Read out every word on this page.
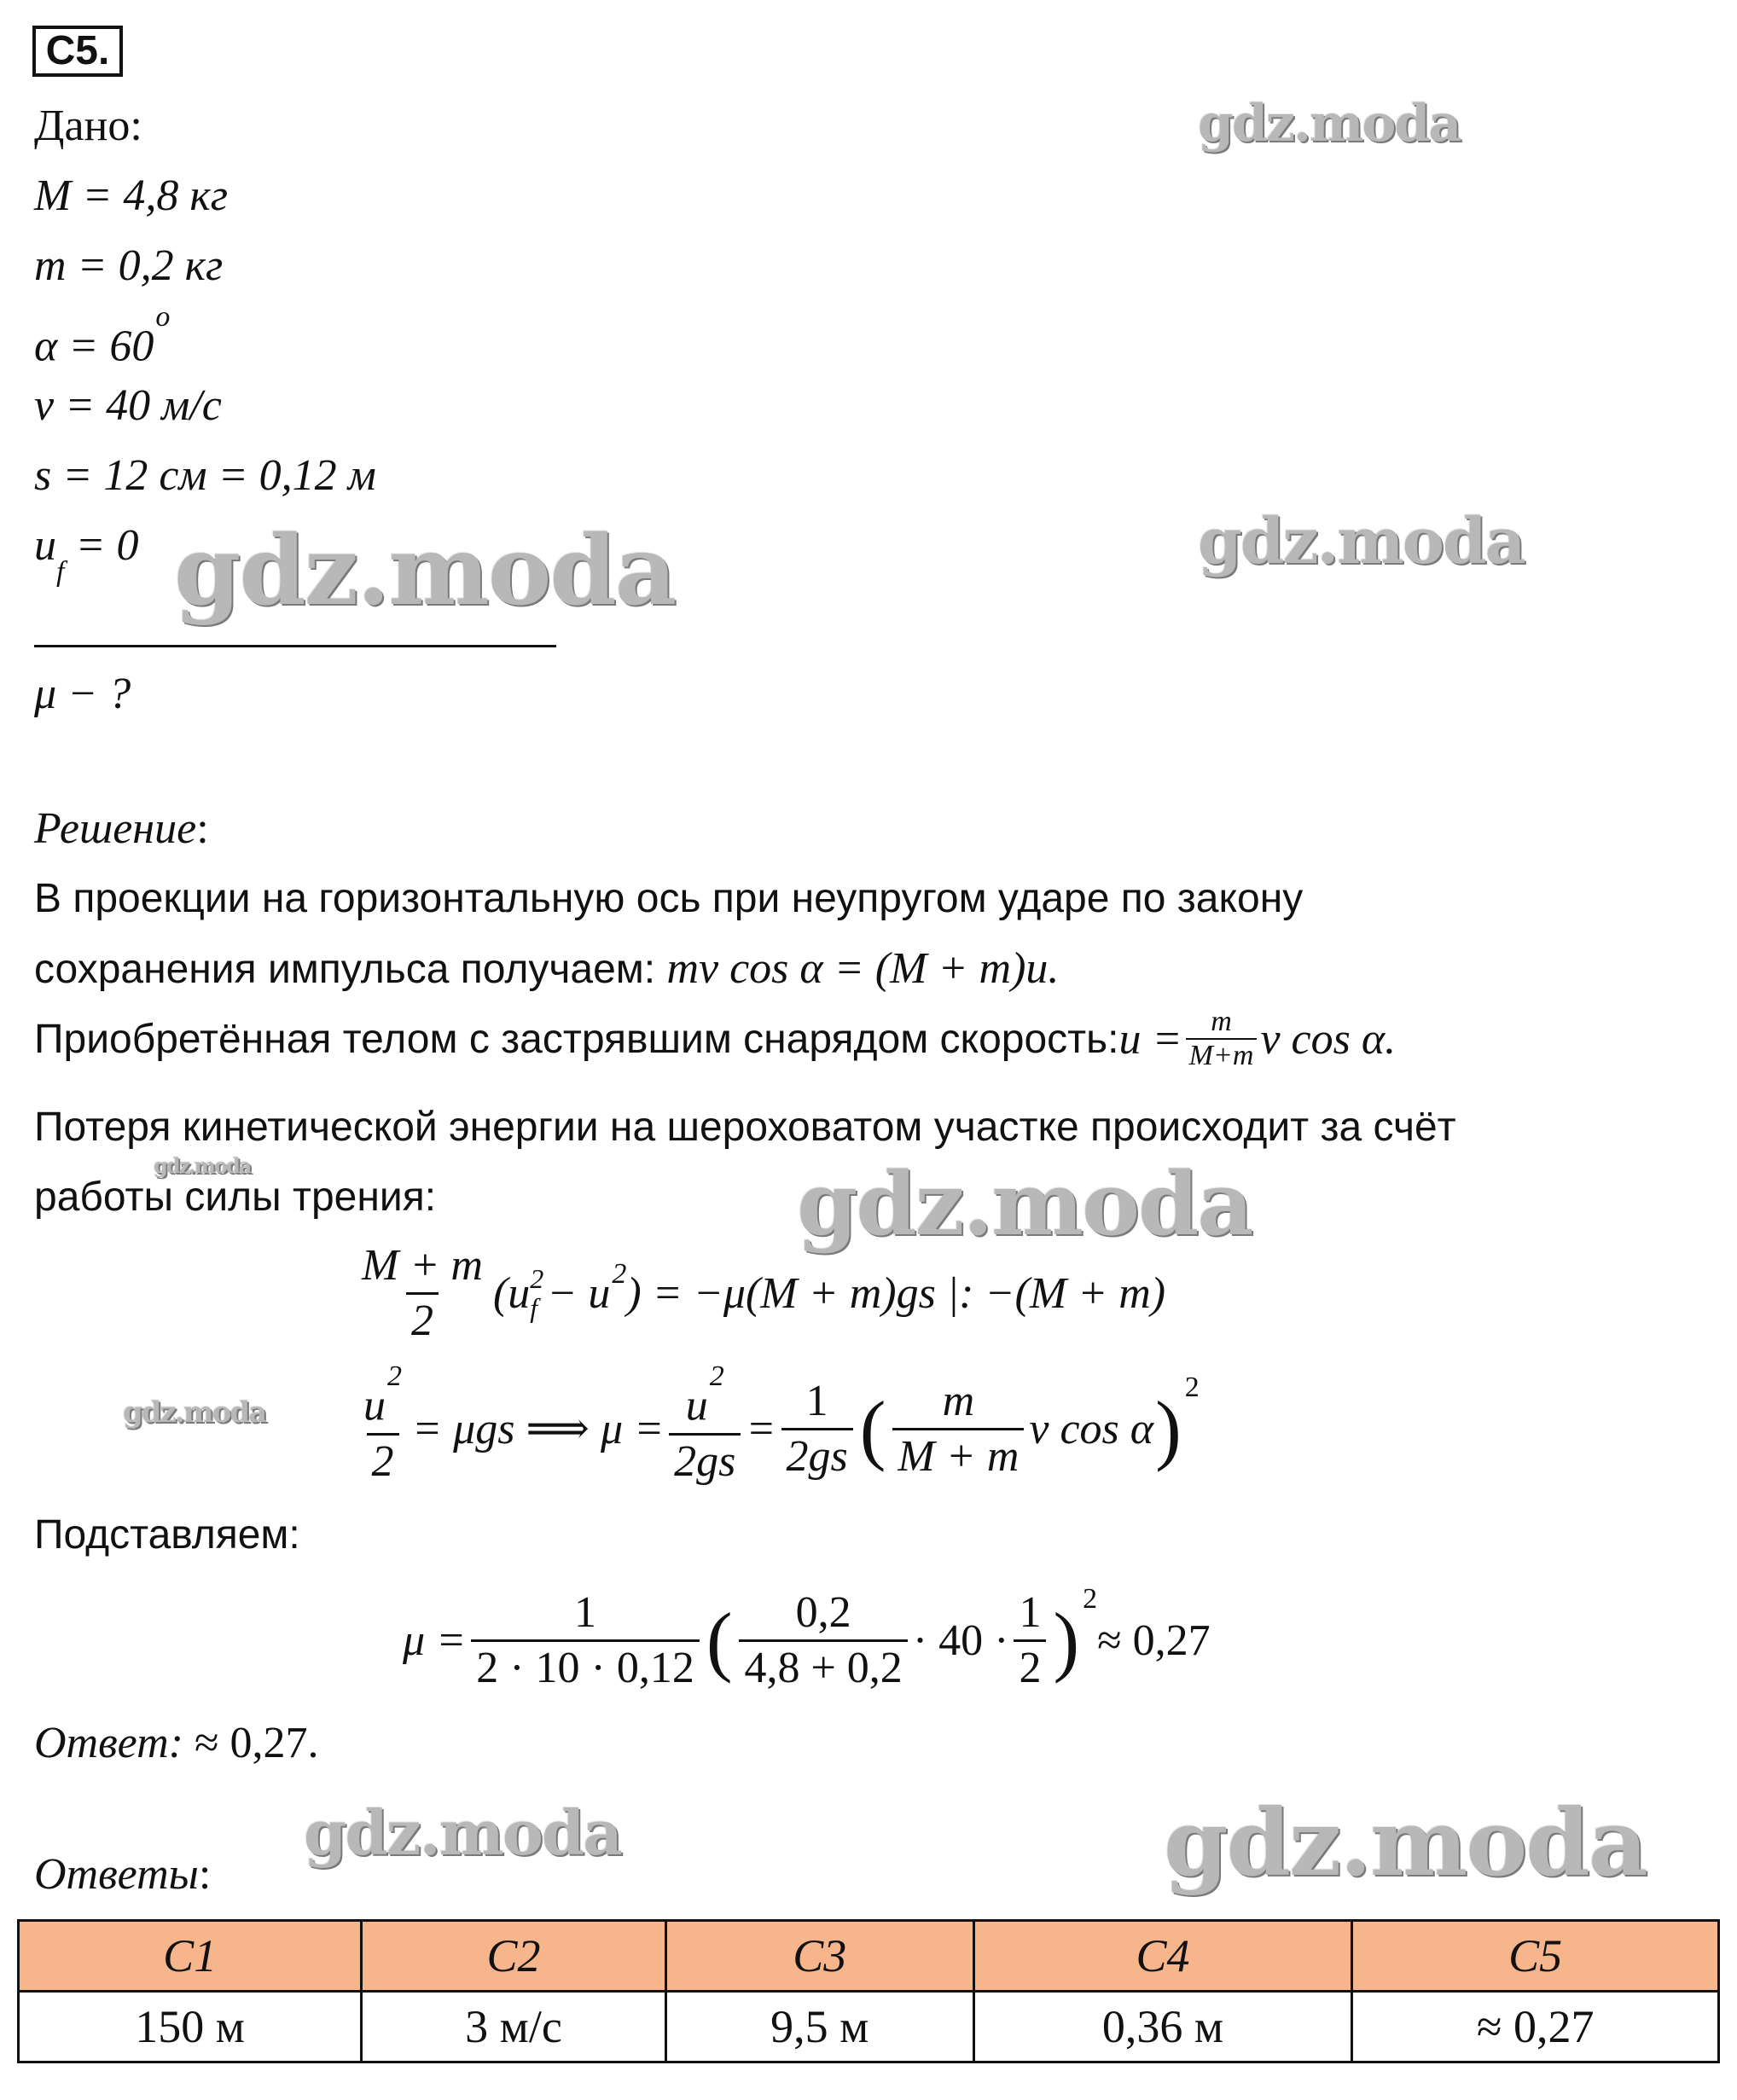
C5.
Дано:
M = 4,8 кг
m = 0,2 кг
$\alpha = 60^o$
v = 40 м/с
s = 12 см = 0,12 м
$u_f = 0$
μ − ?
Решение:
В проекции на горизонтальную ось при неупругом ударе по закону
сохранения импульса получаем: mv cos α = (M + m)u.
Приобретённая телом с застрявшим снарядом скорость: $u = \frac{m}{M+m}$ v cos α.
Потеря кинетической энергии на шероховатом участке происходит за счёт
работы силы трения:
$\frac{M + m}{2} (u$ 2
$f - u^2$ ) = −μ(M + m)gs |: −(M + m)
$\frac{u^2}{2} = \mu gs$ ⟹ $\mu = \frac{u^2}{2gs} = \frac{1}{2gs}$ ( $\frac{m}{M + m}$ v cos α )$^2$
Подставляем:
$\mu = \frac{1}{2 \cdot 10 \cdot 0,12}$ ( $\frac{0,2}{4,8 + 0,2} \cdot 40 \cdot \frac{1}{2} )^2$
≈ 0,27
Ответ: ≈ 0,27.
Ответы:
C1	C2	C3	C4	C5
150 м	3 м/с	9,5 м	0,36 м	≈ 0,27
gdz.moda
gdz.moda
gdz.moda
gdz.moda	gdz.moda
gdz.moda
gdz.moda	gdz.moda
